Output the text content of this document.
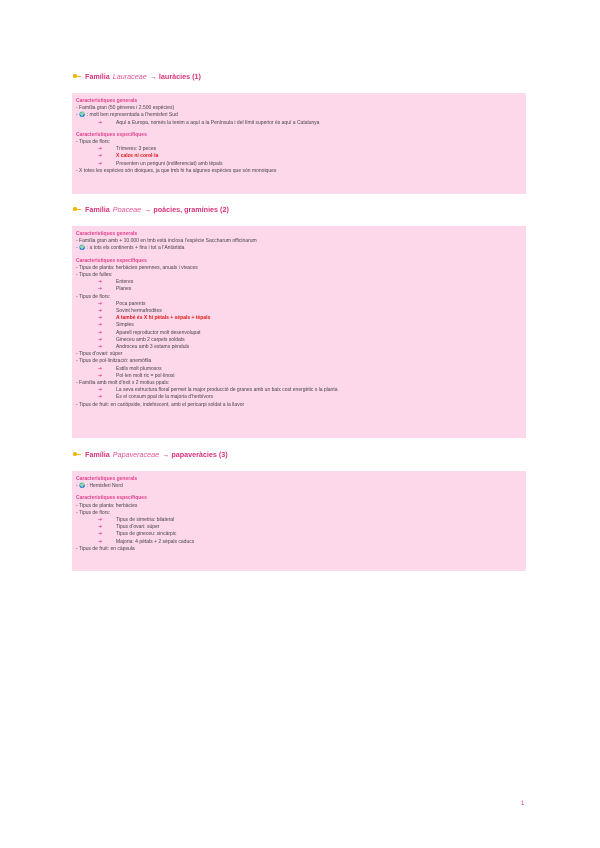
Família Lauraceae → lauràcies (1)
Característiques generals
- Família gran (50 gèneres i 2.500 espècies)
- 🌍 : molt ben representada a l’hemisferi Sud
➔	Aquí a Europa, només la tenim a aquí a la Península i del límit superior és aquí a Catalunya
Característiques específiques
- Tipus de flors:
➔	Trímeres: 3 peces
➔	X calze ni corol·la
➔	Presenten un periguni (indiferenciat) amb tèpals
- X totes les espècies són dioiques, ja que tmb hi ha algunes espècies que són monoiques
Família Poaceae → poàcies, gramínies (2)
Característiques generals
- Família gran amb + 10.000 en tmb està inclosa l’espècie Saccharum officinarum
- 🌍 : a tots els continents + fins i tot a l’Antàrtida
Característiques específiques
- Tipus de planta: herbàcies perennes, anuals i vivaces
- Tipus de fulles:
➔	Enteres
➔	Planes
- Tipus de flors:
➔	Poca parents
➔	Sovint hermafrodites
➔	A també és X hi pètals + sèpals + tèpals
➔	Simples
➔	Aparell reproductor molt desenvolupat
➔	Gineceu amb 2 carpels soldats
➔	Androceu amb 3 estams pènduls
- Tipus d’ovari: súper
- Tipus de pol·linització: anemòfila
➔	Estils molt plumosos
➔	Pol·len molt ric = pol·linosi
- Família amb molt d’èxit x 2 motius ppals:
➔	La seva estructura floral permet la major producció de granes amb un baix cost energètic x la planta
➔	És el consum ppal de la majoria d’herbívors
- Tipus de fruit: en cariòpside, indehiscent, amb el pericarpi soldat a la llavor
Família Papaveraceae → papaveràcies (3)
Característiques generals
- 🌍 : Hemisferi Nord
Característiques específiques
- Tipus de planta: herbàcies
- Tipus de flors:
➔	Tipus de simetria: bilateral
➔	Tipus d’ovari: súper
➔	Tipus de gineceu: sincàrpic
➔	Majoria: 4 pètals + 2 sèpals caducs
- Tipus de fruit: en càpsula
1
